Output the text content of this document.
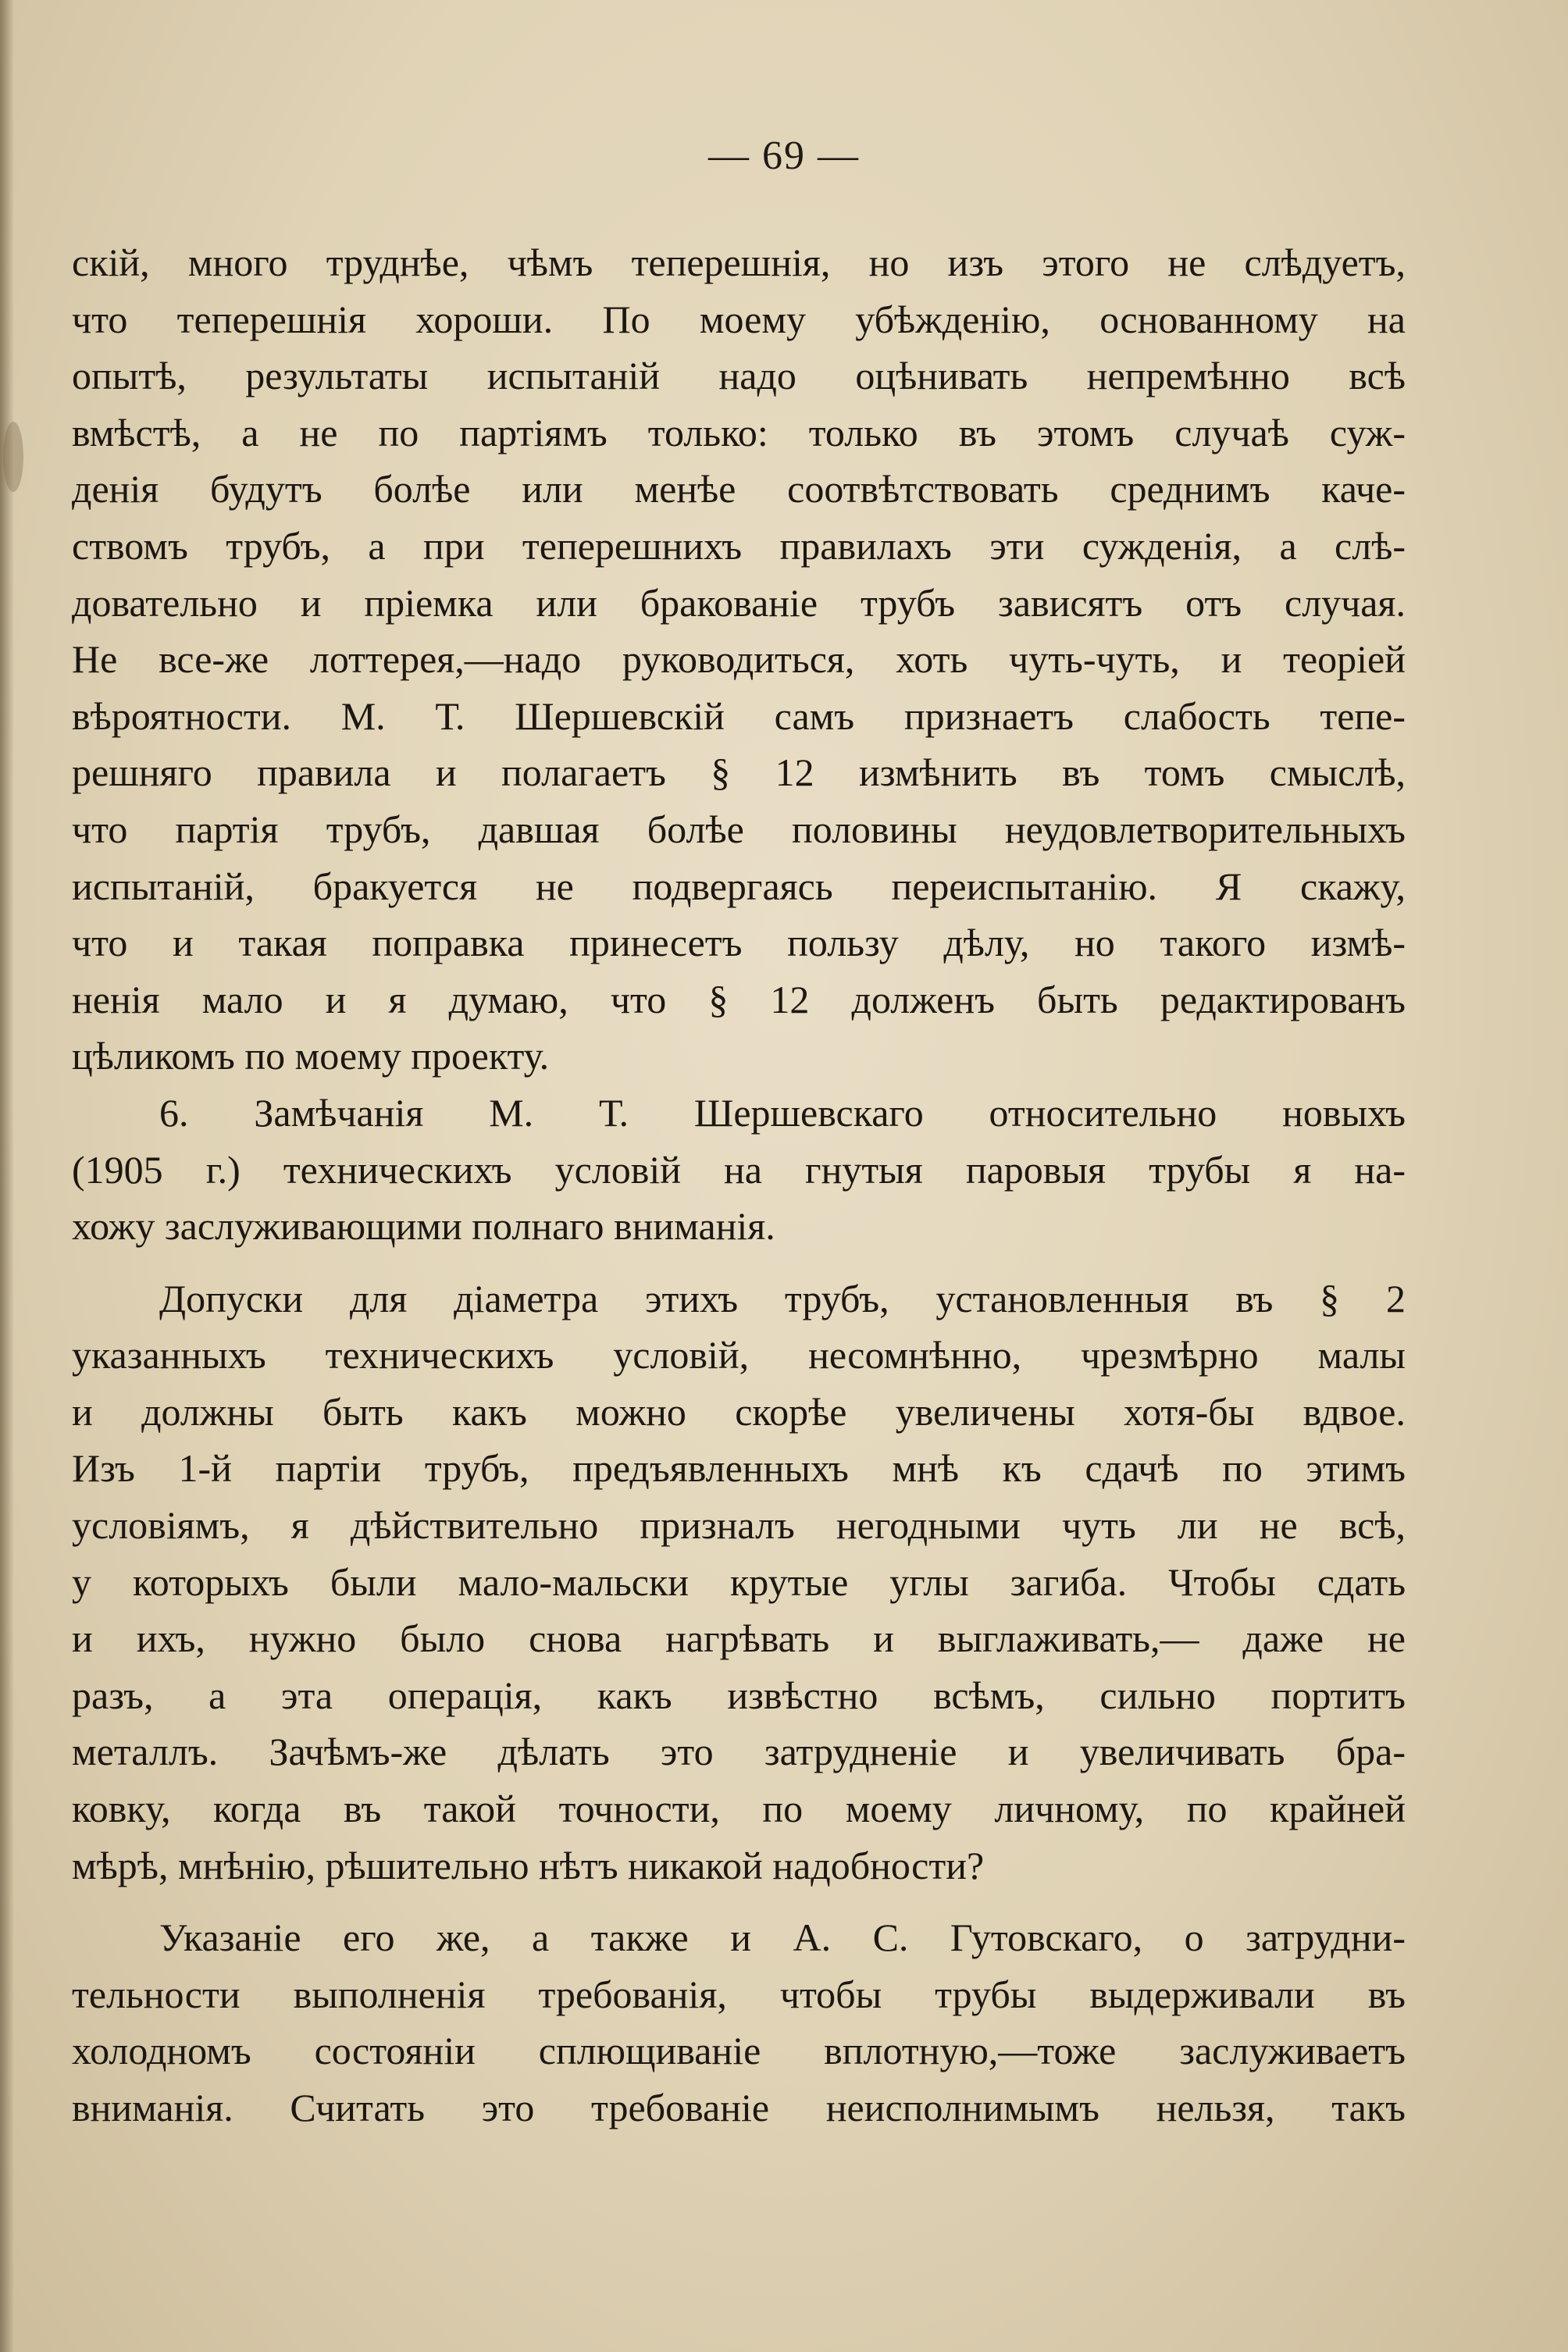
— 69 —
скій, много труднѣе, чѣмъ теперешнія, но изъ этого не слѣдуетъ,
что теперешнія хороши. По моему убѣжденію, основанному на
опытѣ, результаты испытаній надо оцѣнивать непремѣнно всѣ
вмѣстѣ, а не по партіямъ только: только въ этомъ случаѣ суж-
денія будутъ болѣе или менѣе соотвѣтствовать среднимъ каче-
ствомъ трубъ, а при теперешнихъ правилахъ эти сужденія, а слѣ-
довательно и пріемка или бракованіе трубъ зависятъ отъ случая.
Не все-же лоттерея,—надо руководиться, хоть чуть-чуть, и теоріей
вѣроятности. М. Т. Шершевскій самъ признаетъ слабость тепе-
решняго правила и полагаетъ § 12 измѣнить въ томъ смыслѣ,
что партія трубъ, давшая болѣе половины неудовлетворительныхъ
испытаній, бракуется не подвергаясь переиспытанію. Я скажу,
что и такая поправка принесетъ пользу дѣлу, но такого измѣ-
ненія мало и я думаю, что § 12 долженъ быть редактированъ
цѣликомъ по моему проекту.
6. Замѣчанія М. Т. Шершевскаго относительно новыхъ
(1905 г.) техническихъ условій на гнутыя паровыя трубы я на-
хожу заслуживающими полнаго вниманія.
Допуски для діаметра этихъ трубъ, установленныя въ § 2
указанныхъ техническихъ условій, несомнѣнно, чрезмѣрно малы
и должны быть какъ можно скорѣе увеличены хотя-бы вдвое.
Изъ 1-й партіи трубъ, предъявленныхъ мнѣ къ сдачѣ по этимъ
условіямъ, я дѣйствительно призналъ негодными чуть ли не всѣ,
у которыхъ были мало-мальски крутые углы загиба. Чтобы сдать
и ихъ, нужно было снова нагрѣвать и выглаживать,— даже не
разъ, а эта операція, какъ извѣстно всѣмъ, сильно портитъ
металлъ. Зачѣмъ-же дѣлать это затрудненіе и увеличивать бра-
ковку, когда въ такой точности, по моему личному, по крайней
мѣрѣ, мнѣнію, рѣшительно нѣтъ никакой надобности?
Указаніе его же, а также и А. С. Гутовскаго, о затрудни-
тельности выполненія требованія, чтобы трубы выдерживали въ
холодномъ состояніи сплющиваніе вплотную,—тоже заслуживаетъ
вниманія. Считать это требованіе неисполнимымъ нельзя, такъ
